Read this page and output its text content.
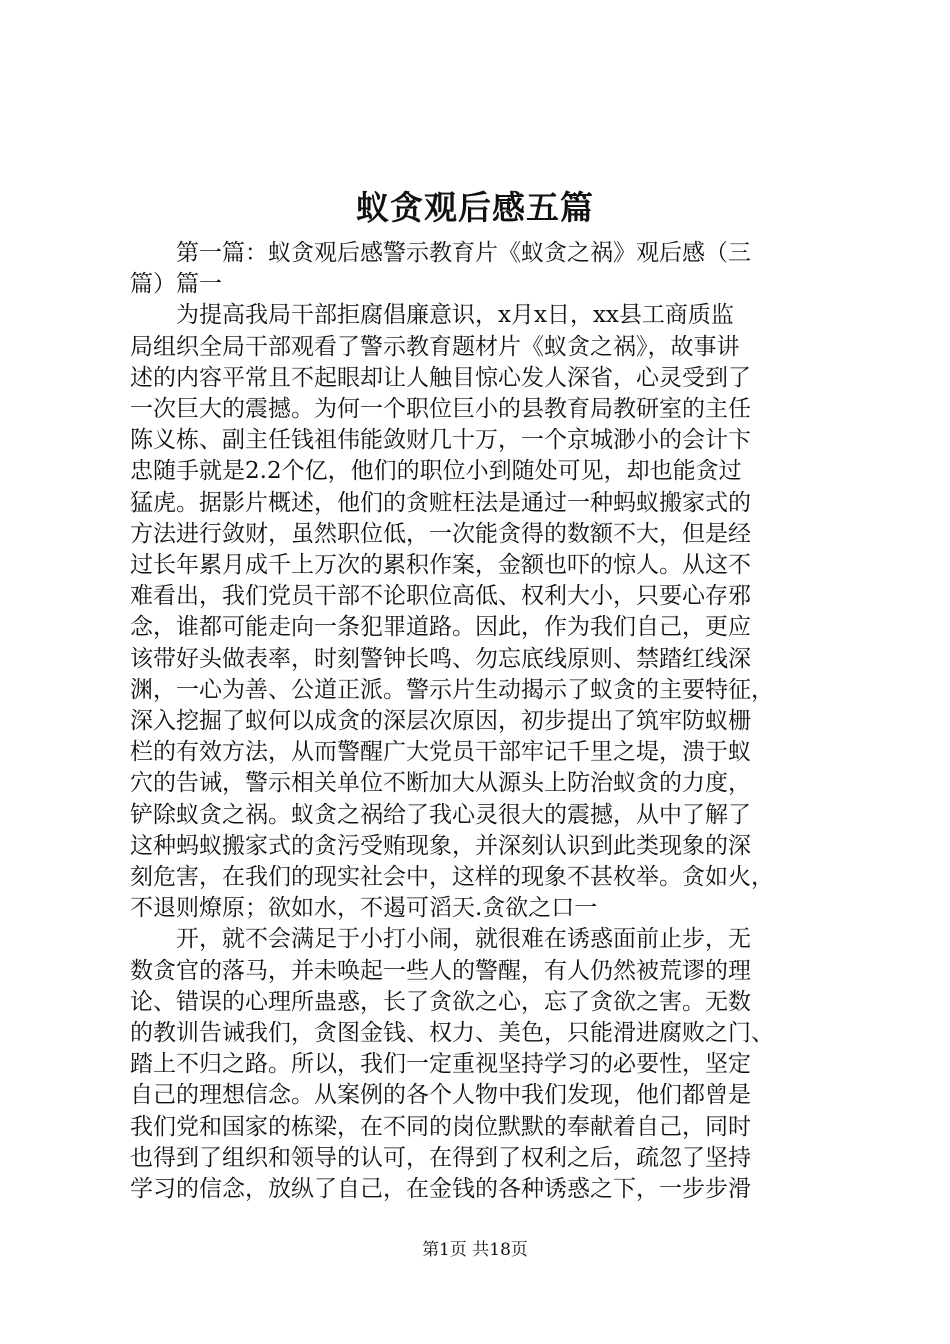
蚁贪观后感五篇

第一篇：蚁贪观后感警示教育片《蚁贪之祸》观后感（三
篇）篇一

为提高我局干部拒腐倡廉意识，x月x日，xx县工商质监
局组织全局干部观看了警示教育题材片《蚁贪之祸》，故事讲
述的内容平常且不起眼却让人触目惊心发人深省，心灵受到了
一次巨大的震撼。为何一个职位巨小的县教育局教研室的主任
陈义栋、副主任钱祖伟能敛财几十万，一个京城渺小的会计卞
忠随手就是2.2个亿，他们的职位小到随处可见，却也能贪过
猛虎。据影片概述，他们的贪赃枉法是通过一种蚂蚁搬家式的
方法进行敛财，虽然职位低，一次能贪得的数额不大，但是经
过长年累月成千上万次的累积作案，金额也吓的惊人。从这不
难看出，我们党员干部不论职位高低、权利大小，只要心存邪
念，谁都可能走向一条犯罪道路。因此，作为我们自己，更应
该带好头做表率，时刻警钟长鸣、勿忘底线原则、禁踏红线深
渊，一心为善、公道正派。警示片生动揭示了蚁贪的主要特征，
深入挖掘了蚁何以成贪的深层次原因，初步提出了筑牢防蚁栅
栏的有效方法，从而警醒广大党员干部牢记千里之堤，溃于蚁
穴的告诫，警示相关单位不断加大从源头上防治蚁贪的力度，
铲除蚁贪之祸。蚁贪之祸给了我心灵很大的震撼，从中了解了
这种蚂蚁搬家式的贪污受贿现象，并深刻认识到此类现象的深
刻危害，在我们的现实社会中，这样的现象不甚枚举。贪如火，
不退则燎原；欲如水，不遏可滔天.贪欲之口一

开，就不会满足于小打小闹，就很难在诱惑面前止步，无
数贪官的落马，并未唤起一些人的警醒，有人仍然被荒谬的理
论、错误的心理所蛊惑，长了贪欲之心，忘了贪欲之害。无数
的教训告诫我们，贪图金钱、权力、美色，只能滑进腐败之门、
踏上不归之路。所以，我们一定重视坚持学习的必要性，坚定
自己的理想信念。从案例的各个人物中我们发现，他们都曾是
我们党和国家的栋梁，在不同的岗位默默的奉献着自己，同时
也得到了组织和领导的认可，在得到了权利之后，疏忽了坚持
学习的信念，放纵了自己，在金钱的各种诱惑之下，一步步滑

第1页 共18页
